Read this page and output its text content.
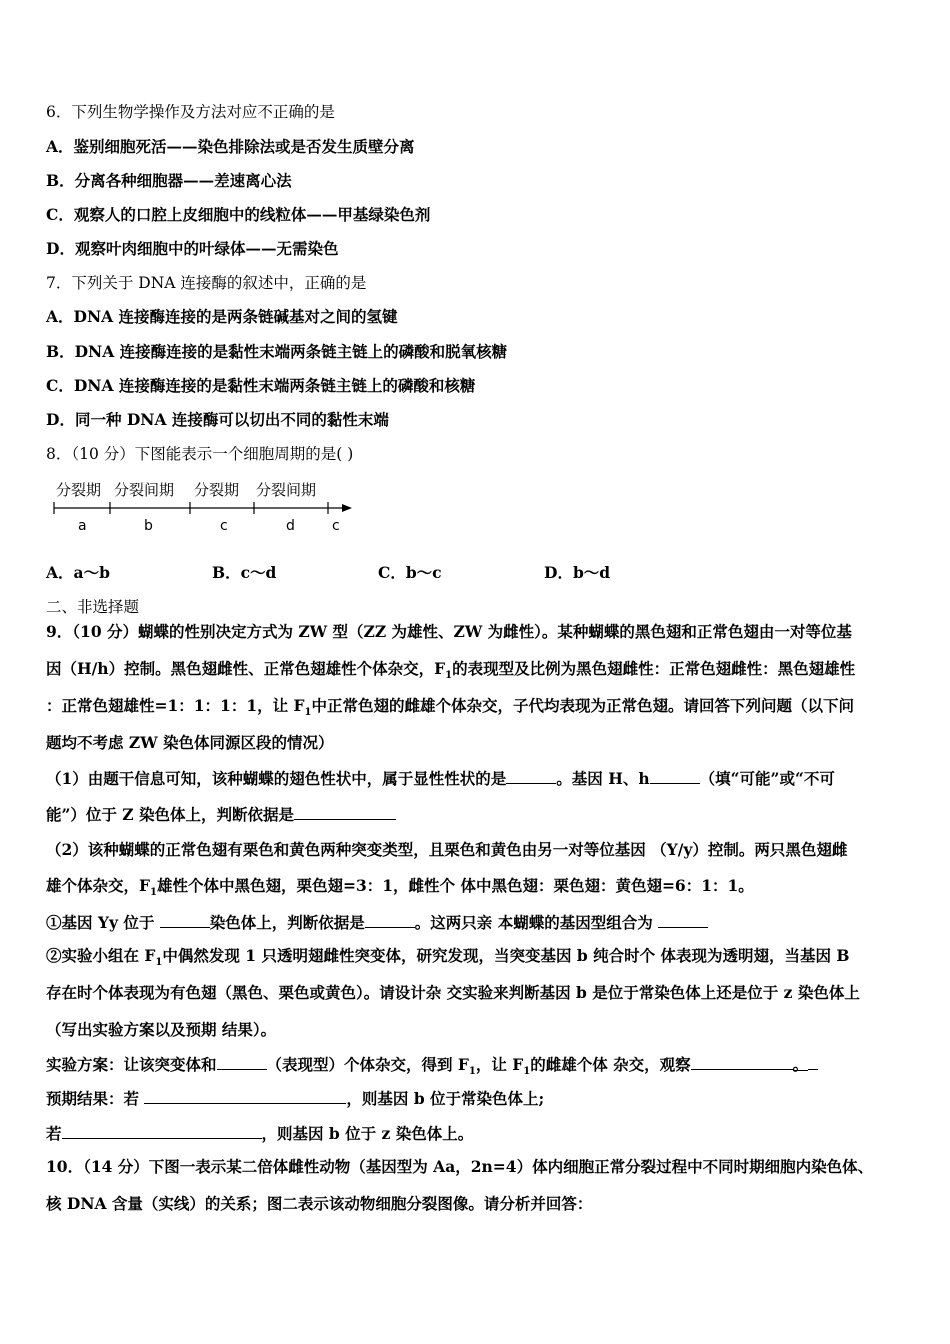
6．下列生物学操作及方法对应不正确的是
A．鉴别细胞死活——染色排除法或是否发生质壁分离
B．分离各种细胞器——差速离心法
C．观察人的口腔上皮细胞中的线粒体——甲基绿染色剂
D．观察叶肉细胞中的叶绿体——无需染色
7．下列关于 DNA 连接酶的叙述中，正确的是
A．DNA 连接酶连接的是两条链碱基对之间的氢键
B．DNA 连接酶连接的是黏性末端两条链主链上的磷酸和脱氧核糖
C．DNA 连接酶连接的是黏性末端两条链主链上的磷酸和核糖
D．同一种 DNA 连接酶可以切出不同的黏性末端
8．（10 分）下图能表示一个细胞周期的是( )
分裂期 分裂间期 分裂期 分裂间期
a	b	c	d	c
A．a～b	B．c～d	C．b～c	D．b～d
二、非选择题
9．（10 分）蝴蝶的性别决定方式为 ZW 型（ZZ 为雄性、ZW 为雌性）。某种蝴蝶的黑色翅和正常色翅由一对等位基
因（H/h）控制。黑色翅雌性、正常色翅雄性个体杂交，$F_1$的表现型及比例为黑色翅雌性：正常色翅雌性：黑色翅雄性
：正常色翅雄性=1：1：1：1，让 $F_1$中正常色翅的雌雄个体杂交，子代均表现为正常色翅。请回答下列问题（以下问
题均不考虑 ZW 染色体同源区段的情况）
（1）由题干信息可知，该种蝴蝶的翅色性状中，属于显性性状的是	。基因 H、h	（填“可能”或“不可
能”）位于 Z 染色体上，判断依据是
（2）该种蝴蝶的正常色翅有栗色和黄色两种突变类型，且栗色和黄色由另一对等位基因 （Y/y）控制。两只黑色翅雌
雄个体杂交，$F_1$雄性个体中黑色翅，栗色翅=3：1，雌性个 体中黑色翅：栗色翅：黄色翅=6：1：1。
①基因 Yy 位于	染色体上，判断依据是	。这两只亲 本蝴蝶的基因型组合为
②实验小组在 $F_1$中偶然发现 1 只透明翅雌性突变体，研究发现，当突变基因 b 纯合时个 体表现为透明翅，当基因 B
存在时个体表现为有色翅（黑色、栗色或黄色）。请设计杂 交实验来判断基因 b 是位于常染色体上还是位于 z 染色体上
（写出实验方案以及预期 结果）。
实验方案：让该突变体和	（表现型）个体杂交，得到 $F_1$，让 $F_1$的雌雄个体 杂交，观察	。
预期结果：若	，则基因 b 位于常染色体上;
若	，则基因 b 位于 z 染色体上。
10．（14 分）下图一表示某二倍体雌性动物（基因型为 Aa，2n=4）体内细胞正常分裂过程中不同时期细胞内染色体、
核 DNA 含量（实线）的关系；图二表示该动物细胞分裂图像。请分析并回答：
